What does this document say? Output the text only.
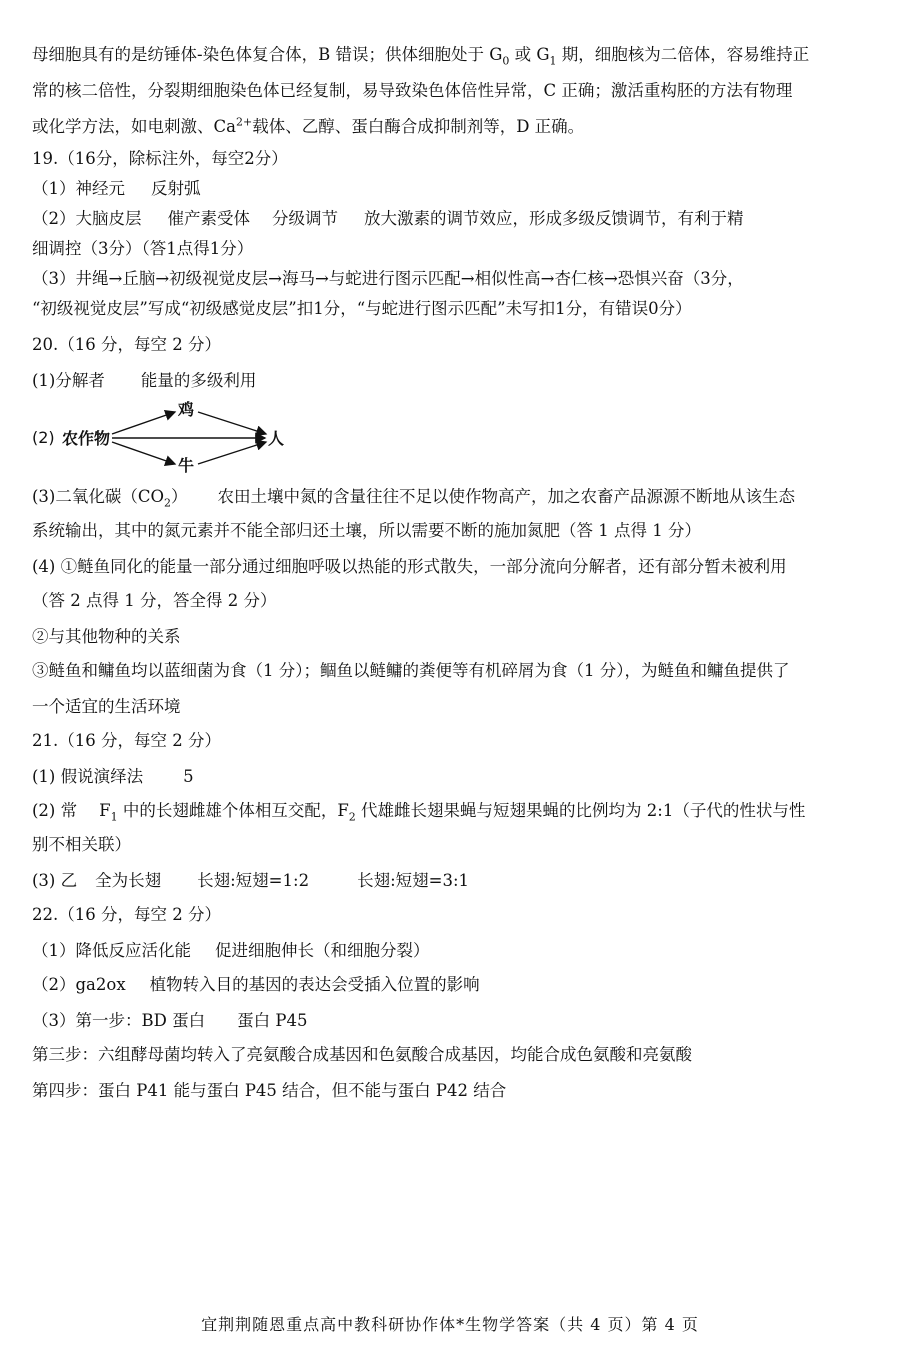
母细胞具有的是纺锤体-染色体复合体，B 错误；供体细胞处于 $G_0$ 或 $G_1$ 期，细胞核为二倍体，容易维持正
常的核二倍性，分裂期细胞染色体已经复制，易导致染色体倍性异常，C 正确；激活重构胚的方法有物理
或化学方法，如电刺激、$Ca^{2+}$载体、乙醇、蛋白酶合成抑制剂等，D 正确。
19.（16分，除标注外，每空2分）
（1）神经元 反射弧
（2）大脑皮层 催产素受体 分级调节 放大激素的调节效应，形成多级反馈调节，有利于精
细调控（3分）（答1点得1分）
（3）井绳→丘脑→初级视觉皮层→海马→与蛇进行图示匹配→相似性高→杏仁核→恐惧兴奋（3分，
“初级视觉皮层”写成“初级感觉皮层”扣1分，“与蛇进行图示匹配”未写扣1分，有错误0分）
20.（16 分，每空 2 分）
(1)分解者 能量的多级利用
(2) 农作物
鸡
牛
人
(3)二氧化碳$(CO_2)$ 农田土壤中氮的含量往往不足以使作物高产，加之农畜产品源源不断地从该生态
系统输出，其中的氮元素并不能全部归还土壤，所以需要不断的施加氮肥（答 1 点得 1 分）
(4) ①鲢鱼同化的能量一部分通过细胞呼吸以热能的形式散失，一部分流向分解者，还有部分暂未被利用
（答 2 点得 1 分，答全得 2 分）
②与其他物种的关系
③鲢鱼和鳙鱼均以蓝细菌为食（1 分）；鲴鱼以鲢鳙的粪便等有机碎屑为食（1 分），为鲢鱼和鳙鱼提供了
一个适宜的生活环境
21.（16 分，每空 2 分）
(1) 假说演绎法 5
(2) 常 $F_1$ 中的长翅雌雄个体相互交配，$F_2$ 代雄雌长翅果蝇与短翅果蝇的比例均为 2:1（子代的性状与性
别不相关联）
(3) 乙 全为长翅 长翅:短翅=1:2	长翅:短翅=3:1
22.（16 分，每空 2 分）
（1）降低反应活化能 促进细胞伸长（和细胞分裂）
（2）ga2ox 植物转入目的基因的表达会受插入位置的影响
（3）第一步：BD 蛋白 蛋白 P45
第三步：六组酵母菌均转入了亮氨酸合成基因和色氨酸合成基因，均能合成色氨酸和亮氨酸
第四步：蛋白 P41 能与蛋白 P45 结合，但不能与蛋白 P42 结合
宜荆荆随恩重点高中教科研协作体*生物学答案（共 4 页）第 4 页
